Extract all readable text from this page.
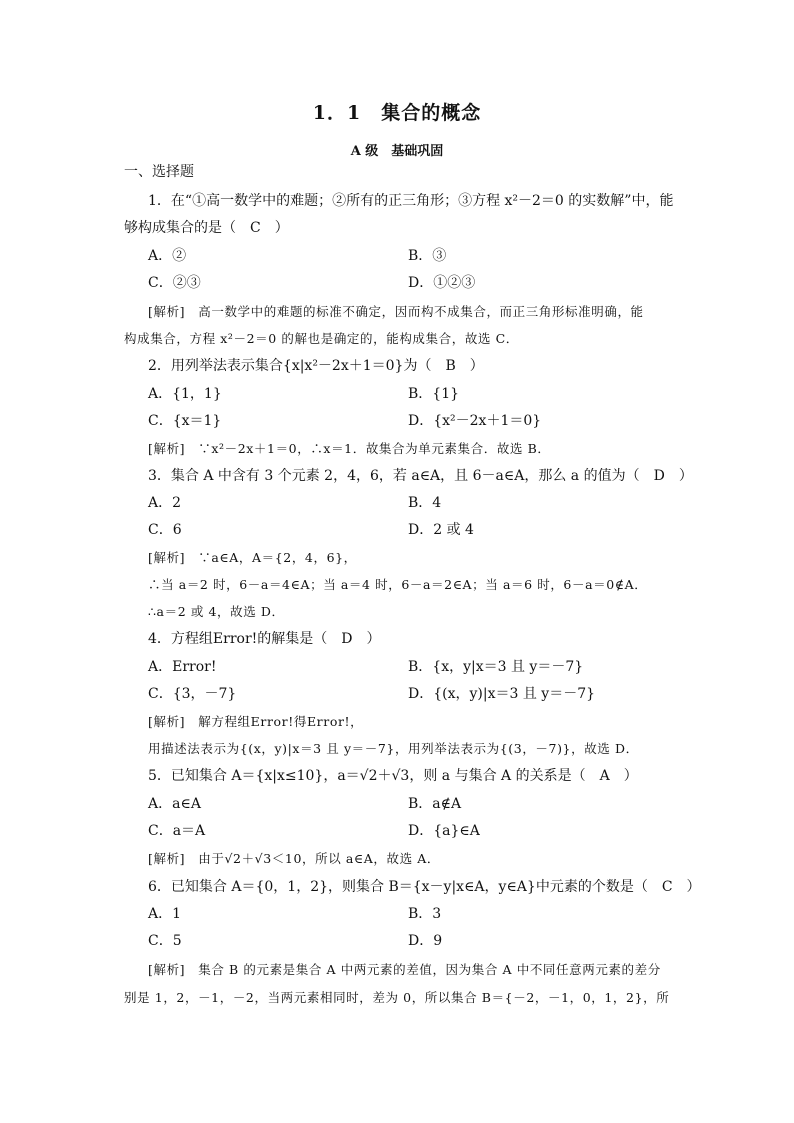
1．1　集合的概念
A 级　基础巩固
一、选择题
1．在“①高一数学中的难题；②所有的正三角形；③方程 x²－2＝0 的实数解”中，能
够构成集合的是（　C　）
A．②	B．③
C．②③	D．①②③
[解析]　高一数学中的难题的标准不确定，因而构不成集合，而正三角形标准明确，能
构成集合，方程 x²－2＝0 的解也是确定的，能构成集合，故选 C．
2．用列举法表示集合{x|x²－2x＋1＝0}为（　B　）
A．{1，1}	B．{1}
C．{x＝1}	D．{x²－2x＋1＝0}
[解析]　∵x²－2x＋1＝0，∴x＝1．故集合为单元素集合．故选 B．
3．集合 A 中含有 3 个元素 2，4，6，若 a∈A，且 6－a∈A，那么 a 的值为（　D　）
A．2	B．4
C．6	D．2 或 4
[解析]　∵a∈A，A＝{2，4，6}，
∴当 a＝2 时，6－a＝4∈A；当 a＝4 时，6－a＝2∈A；当 a＝6 时，6－a＝0∉A．
∴a＝2 或 4，故选 D．
4．方程组Error!的解集是（　D　）
A．Error!	B．{x，y|x＝3 且 y＝－7}
C．{3，－7}	D．{(x，y)|x＝3 且 y＝－7}
[解析]　解方程组Error!得Error!，
用描述法表示为{(x，y)|x＝3 且 y＝－7}，用列举法表示为{(3，－7)}，故选 D．
5．已知集合 A＝{x|x≤10}，a＝√2＋√3，则 a 与集合 A 的关系是（　A　）
A．a∈A	B．a∉A
C．a＝A	D．{a}∈A
[解析]　由于√2＋√3＜10，所以 a∈A，故选 A．
6．已知集合 A＝{0，1，2}，则集合 B＝{x－y|x∈A，y∈A}中元素的个数是（　C　）
A．1	B．3
C．5	D．9
[解析]　集合 B 的元素是集合 A 中两元素的差值，因为集合 A 中不同任意两元素的差分
别是 1，2，－1，－2，当两元素相同时，差为 0，所以集合 B＝{－2，－1，0，1，2}，所
